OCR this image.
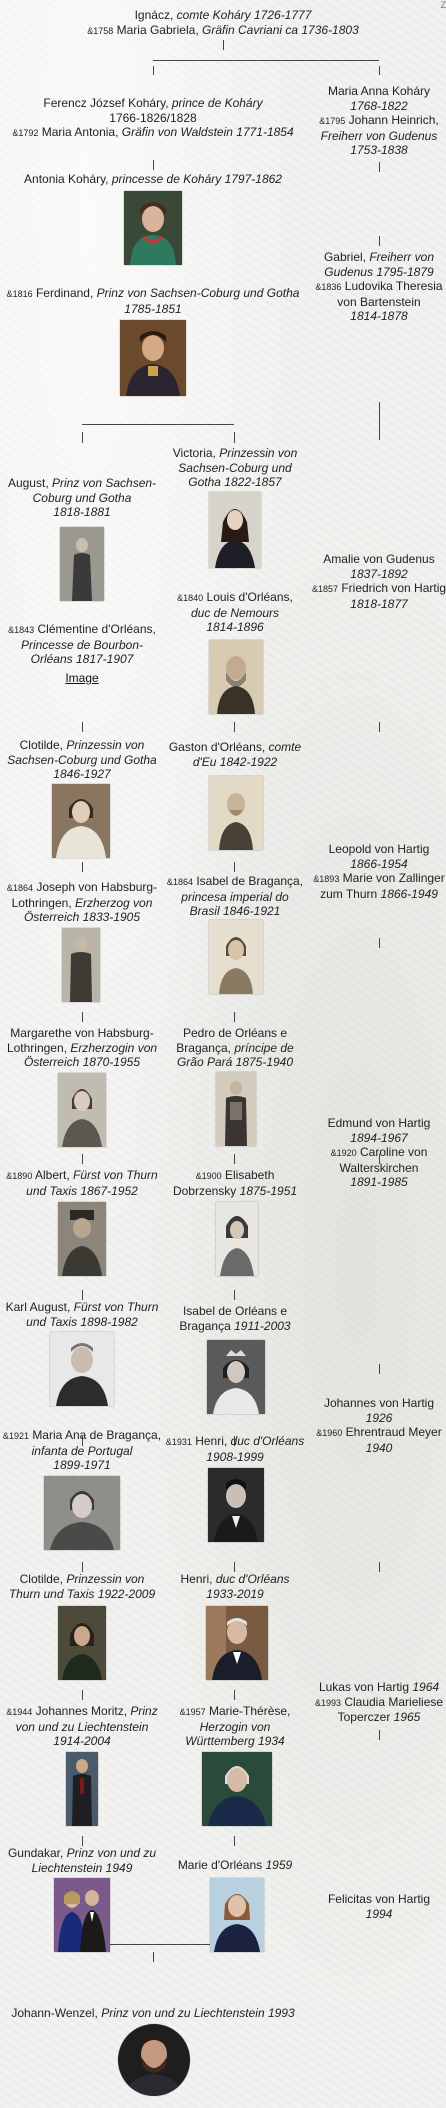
Z
Ignácz, comte Koháry 1726-1777
&1758 Maria Gabriela, Gräfin Cavriani ca 1736-1803
Ferencz József Koháry, prince de Koháry
1766-1826/1828
&1792 Maria Antonia, Gräfin von Waldstein 1771-1854
Maria Anna Koháry
1768-1822
&1795 Johann Heinrich,
Freiherr von Gudenus
1753-1838
Antonia Koháry, princesse de Koháry 1797-1862
Gabriel, Freiherr von
Gudenus 1795-1879
&1836 Ludovika Theresia
von Bartenstein
1814-1878
&1816 Ferdinand, Prinz von Sachsen-Coburg und Gotha
1785-1851
August, Prinz von Sachsen-
Coburg und Gotha
1818-1881
Victoria, Prinzessin von
Sachsen-Coburg und
Gotha 1822-1857
Amalie von Gudenus
1837-1892
&1857 Friedrich von Hartig
1818-1877
&1840 Louis d'Orléans,
duc de Nemours
1814-1896
&1843 Clémentine d'Orléans,
Princesse de Bourbon-
Orléans 1817-1907
Image
Clotilde, Prinzessin von
Sachsen-Coburg und Gotha
1846-1927
Gaston d'Orléans, comte
d'Eu 1842-1922
Leopold von Hartig
1866-1954
&1893 Marie von Zallinger
zum Thurn 1866-1949
&1864 Joseph von Habsburg-
Lothringen, Erzherzog von
Österreich 1833-1905
&1864 Isabel de Bragança,
princesa imperial do
Brasil 1846-1921
Margarethe von Habsburg-
Lothringen, Erzherzogin von
Österreich 1870-1955
Pedro de Orléans e
Bragança, príncipe de
Grão Pará 1875-1940
Edmund von Hartig
1894-1967
&1920 Caroline von
Walterskirchen
1891-1985
&1890 Albert, Fürst von Thurn
und Taxis 1867-1952
&1900 Elisabeth
Dobrzensky 1875-1951
Karl August, Fürst von Thurn
und Taxis 1898-1982
Isabel de Orléans e
Bragança 1911-2003
Johannes von Hartig
1926
&1960 Ehrentraud Meyer
1940
&1921 Maria Ana de Bragança,
infanta de Portugal
1899-1971
&1931 Henri, duc d'Orléans
1908-1999
Clotilde, Prinzessin von
Thurn und Taxis 1922-2009
Henri, duc d'Orléans
1933-2019
Lukas von Hartig 1964
&1993 Claudia Marieliese
Toperczer 1965
&1944 Johannes Moritz, Prinz
von und zu Liechtenstein
1914-2004
&1957 Marie-Thérèse,
Herzogin von
Württemberg 1934
Gundakar, Prinz von und zu
Liechtenstein 1949	Marie d'Orléans 1959
Felicitas von Hartig
1994
Johann-Wenzel, Prinz von und zu Liechtenstein 1993
